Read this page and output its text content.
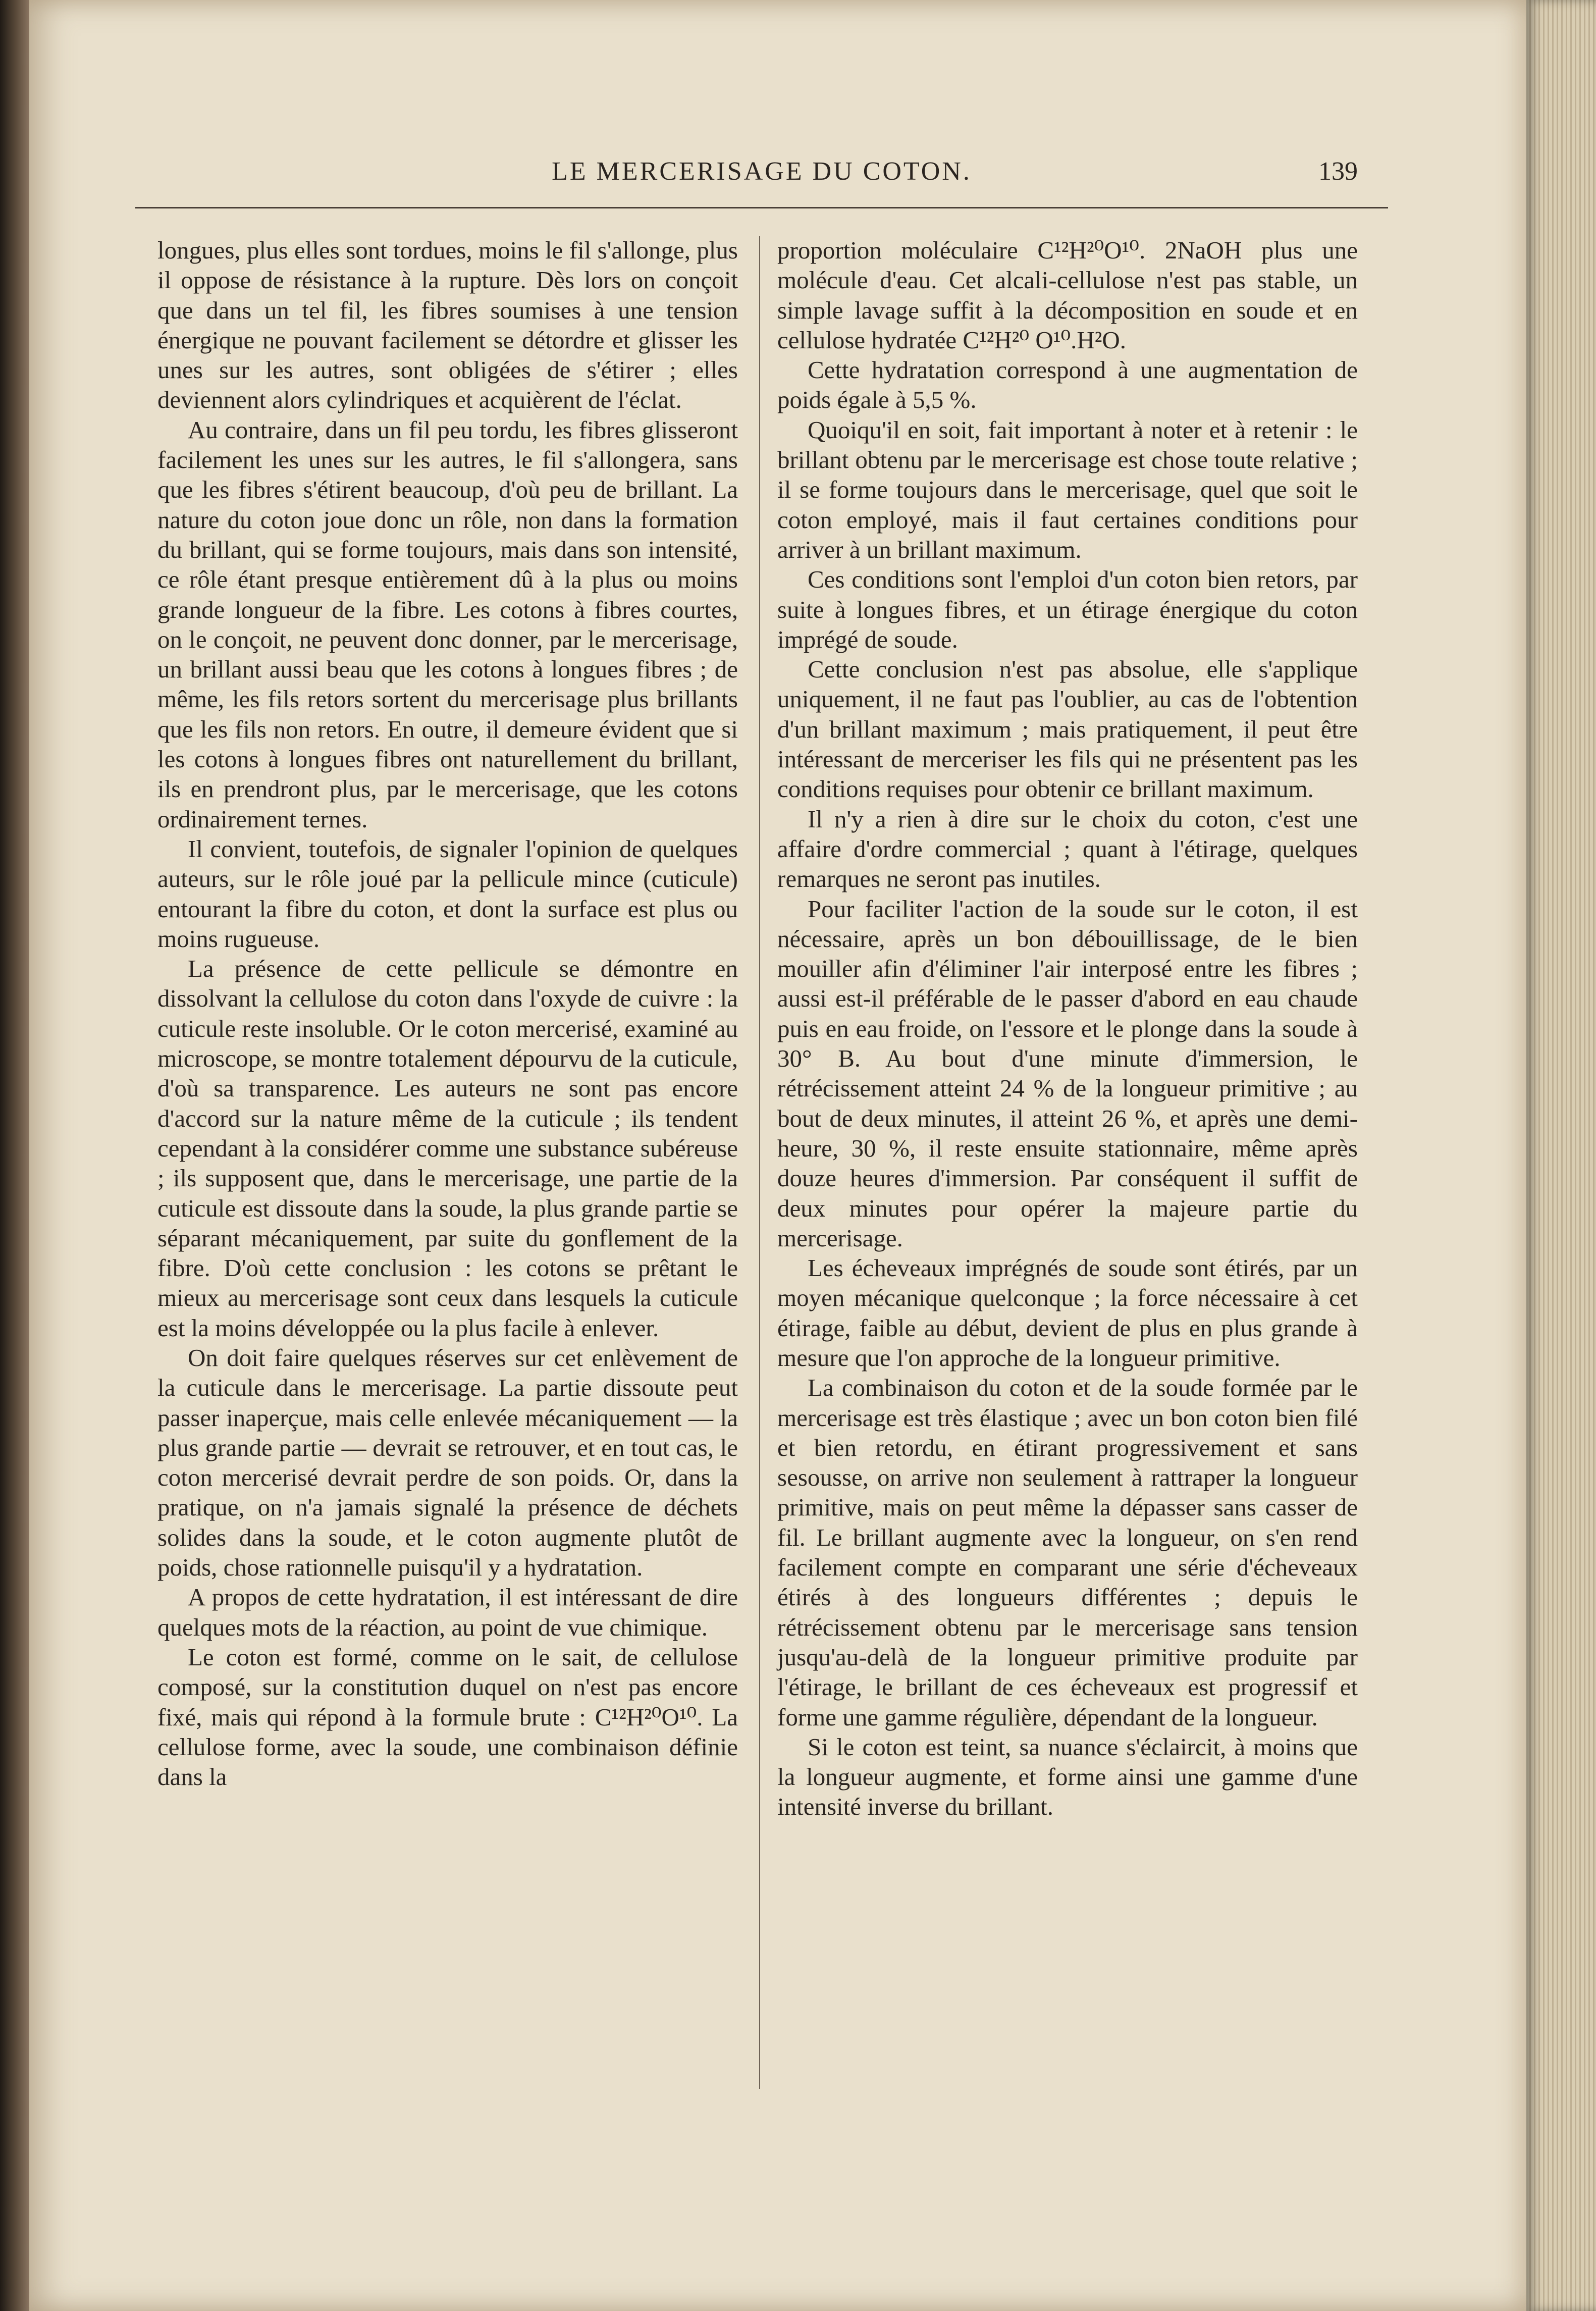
LE MERCERISAGE DU COTON.	139

longues, plus elles sont tordues, moins le fil s'allonge, plus il oppose de résistance à la rupture. Dès lors on conçoit que dans un tel fil, les fibres soumises à une tension énergique ne pouvant facilement se détordre et glisser les unes sur les autres, sont obligées de s'étirer ; elles deviennent alors cylindriques et acquièrent de l'éclat.

Au contraire, dans un fil peu tordu, les fibres glisseront facilement les unes sur les autres, le fil s'allongera, sans que les fibres s'étirent beaucoup, d'où peu de brillant. La nature du coton joue donc un rôle, non dans la formation du brillant, qui se forme toujours, mais dans son intensité, ce rôle étant presque entièrement dû à la plus ou moins grande longueur de la fibre. Les cotons à fibres courtes, on le conçoit, ne peuvent donc donner, par le mercerisage, un brillant aussi beau que les cotons à longues fibres ; de même, les fils retors sortent du mercerisage plus brillants que les fils non retors. En outre, il demeure évident que si les cotons à longues fibres ont naturellement du brillant, ils en prendront plus, par le mercerisage, que les cotons ordinairement ternes.

Il convient, toutefois, de signaler l'opinion de quelques auteurs, sur le rôle joué par la pellicule mince (cuticule) entourant la fibre du coton, et dont la surface est plus ou moins rugueuse.

La présence de cette pellicule se démontre en dissolvant la cellulose du coton dans l'oxyde de cuivre : la cuticule reste insoluble. Or le coton mercerisé, examiné au microscope, se montre totalement dépourvu de la cuticule, d'où sa transparence. Les auteurs ne sont pas encore d'accord sur la nature même de la cuticule ; ils tendent cependant à la considérer comme une substance subéreuse ; ils supposent que, dans le mercerisage, une partie de la cuticule est dissoute dans la soude, la plus grande partie se séparant mécaniquement, par suite du gonflement de la fibre. D'où cette conclusion : les cotons se prêtant le mieux au mercerisage sont ceux dans lesquels la cuticule est la moins développée ou la plus facile à enlever.

On doit faire quelques réserves sur cet enlèvement de la cuticule dans le mercerisage. La partie dissoute peut passer inaperçue, mais celle enlevée mécaniquement — la plus grande partie — devrait se retrouver, et en tout cas, le coton mercerisé devrait perdre de son poids. Or, dans la pratique, on n'a jamais signalé la présence de déchets solides dans la soude, et le coton augmente plutôt de poids, chose rationnelle puisqu'il y a hydratation.

A propos de cette hydratation, il est intéressant de dire quelques mots de la réaction, au point de vue chimique.

Le coton est formé, comme on le sait, de cellulose composé, sur la constitution duquel on n'est pas encore fixé, mais qui répond à la formule brute : C¹²H²⁰O¹⁰. La cellulose forme, avec la soude, une combinaison définie dans la

proportion moléculaire C¹²H²⁰O¹⁰. 2NaOH plus une molécule d'eau. Cet alcali-cellulose n'est pas stable, un simple lavage suffit à la décomposition en soude et en cellulose hydratée C¹²H²⁰ O¹⁰.H²O.

Cette hydratation correspond à une augmentation de poids égale à 5,5 %.

Quoiqu'il en soit, fait important à noter et à retenir : le brillant obtenu par le mercerisage est chose toute relative ; il se forme toujours dans le mercerisage, quel que soit le coton employé, mais il faut certaines conditions pour arriver à un brillant maximum.

Ces conditions sont l'emploi d'un coton bien retors, par suite à longues fibres, et un étirage énergique du coton imprégé de soude.

Cette conclusion n'est pas absolue, elle s'applique uniquement, il ne faut pas l'oublier, au cas de l'obtention d'un brillant maximum ; mais pratiquement, il peut être intéressant de merceriser les fils qui ne présentent pas les conditions requises pour obtenir ce brillant maximum.

Il n'y a rien à dire sur le choix du coton, c'est une affaire d'ordre commercial ; quant à l'étirage, quelques remarques ne seront pas inutiles.

Pour faciliter l'action de la soude sur le coton, il est nécessaire, après un bon débouillissage, de le bien mouiller afin d'éliminer l'air interposé entre les fibres ; aussi est-il préférable de le passer d'abord en eau chaude puis en eau froide, on l'essore et le plonge dans la soude à 30° B. Au bout d'une minute d'immersion, le rétrécissement atteint 24 % de la longueur primitive ; au bout de deux minutes, il atteint 26 %, et après une demi-heure, 30 %, il reste ensuite stationnaire, même après douze heures d'immersion. Par conséquent il suffit de deux minutes pour opérer la majeure partie du mercerisage.

Les écheveaux imprégnés de soude sont étirés, par un moyen mécanique quelconque ; la force nécessaire à cet étirage, faible au début, devient de plus en plus grande à mesure que l'on approche de la longueur primitive.

La combinaison du coton et de la soude formée par le mercerisage est très élastique ; avec un bon coton bien filé et bien retordu, en étirant progressivement et sans sesousse, on arrive non seulement à rattraper la longueur primitive, mais on peut même la dépasser sans casser de fil. Le brillant augmente avec la longueur, on s'en rend facilement compte en comparant une série d'écheveaux étirés à des longueurs différentes ; depuis le rétrécissement obtenu par le mercerisage sans tension jusqu'au-delà de la longueur primitive produite par l'étirage, le brillant de ces écheveaux est progressif et forme une gamme régulière, dépendant de la longueur.

Si le coton est teint, sa nuance s'éclaircit, à moins que la longueur augmente, et forme ainsi une gamme d'une intensité inverse du brillant.
